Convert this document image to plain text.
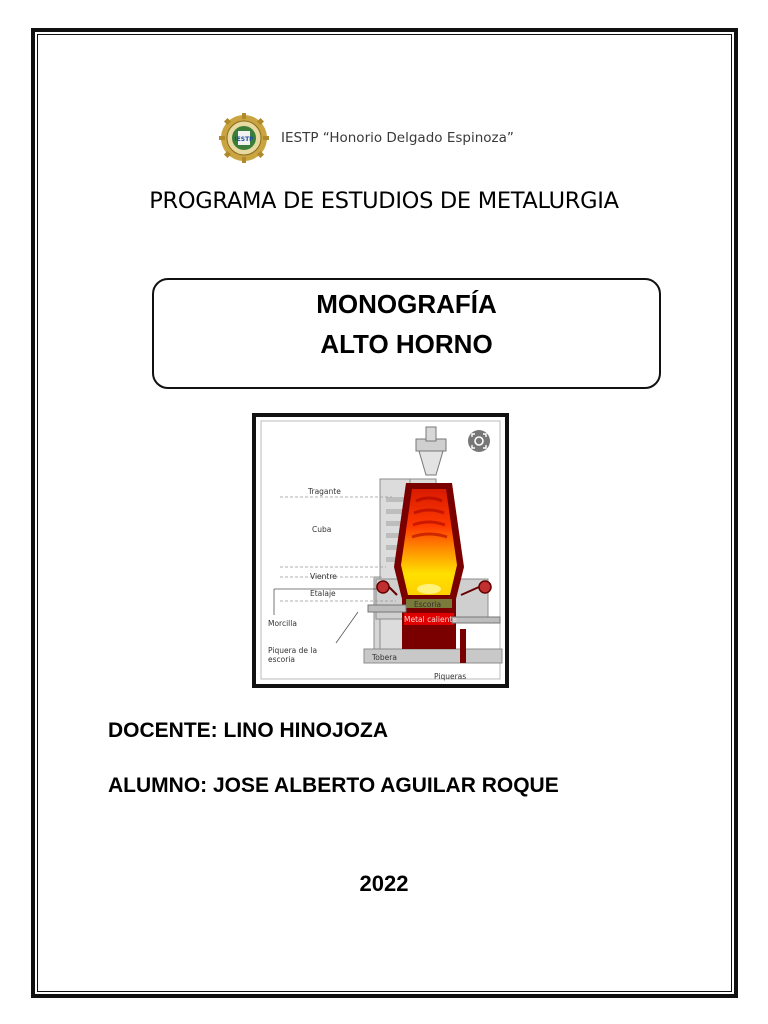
IESTP IESTP “Honorio Delgado Espinoza”
PROGRAMA DE ESTUDIOS DE METALURGIA
MONOGRAFÍA
ALTO HORNO
Tragante
Cuba
Vientre
Etalaje
Morcilla
Piquera de la
escoria
Escoria
Metal caliente
Tobera
Piqueras
DOCENTE: LINO HINOJOZA
ALUMNO: JOSE ALBERTO AGUILAR ROQUE
2022
